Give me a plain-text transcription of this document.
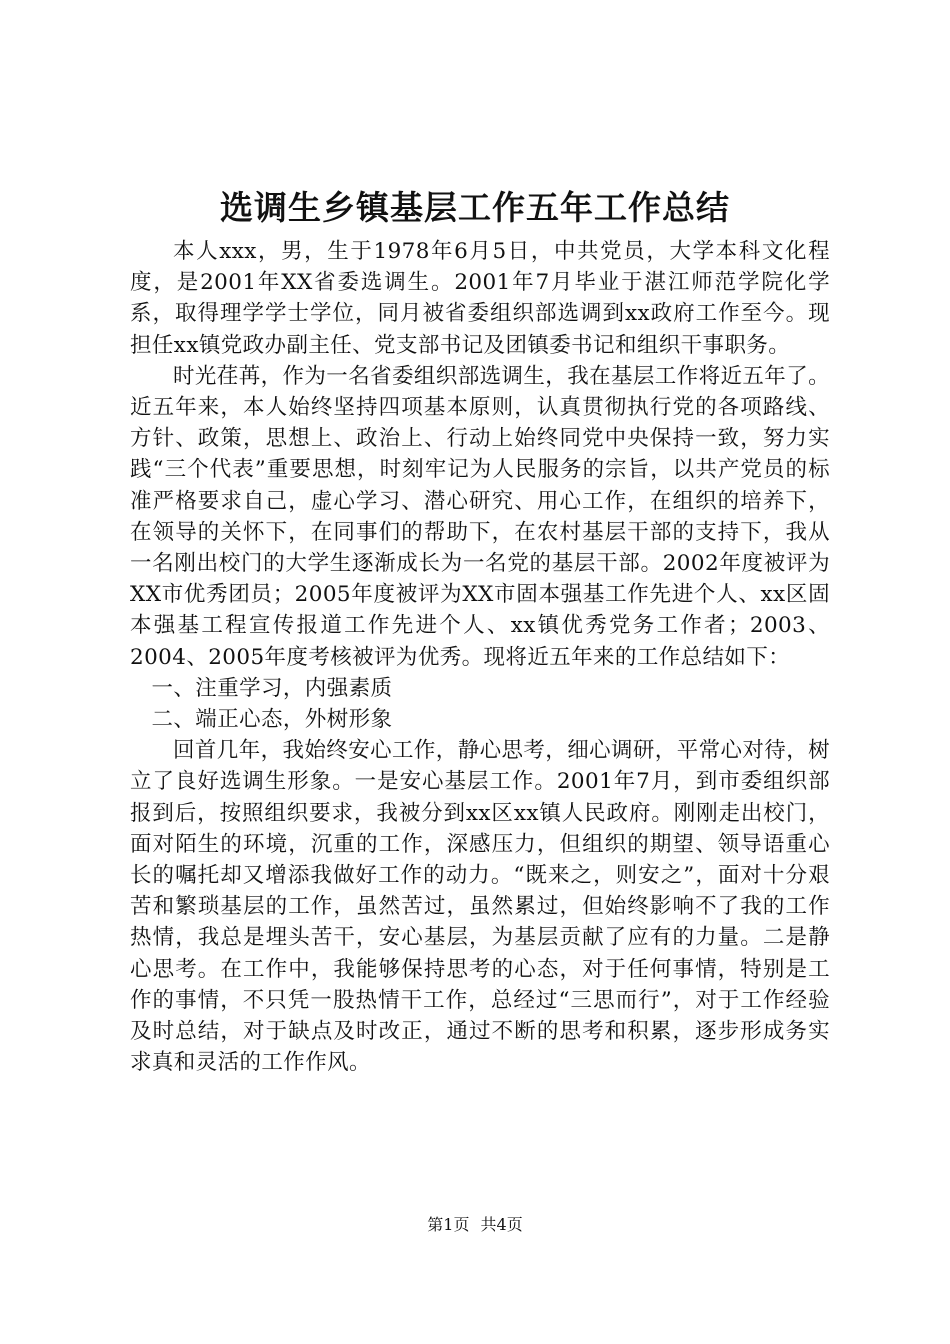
选调生乡镇基层工作五年工作总结

本人xxx，男，生于1978年6月5日，中共党员，大学本科文化程度，是2001年XX省委选调生。2001年7月毕业于湛江师范学院化学系，取得理学学士学位，同月被省委组织部选调到xx政府工作至今。现担任xx镇党政办副主任、党支部书记及团镇委书记和组织干事职务。

时光荏苒，作为一名省委组织部选调生，我在基层工作将近五年了。近五年来，本人始终坚持四项基本原则，认真贯彻执行党的各项路线、方针、政策，思想上、政治上、行动上始终同党中央保持一致，努力实践“三个代表”重要思想，时刻牢记为人民服务的宗旨，以共产党员的标准严格要求自己，虚心学习、潜心研究、用心工作，在组织的培养下，在领导的关怀下，在同事们的帮助下，在农村基层干部的支持下，我从一名刚出校门的大学生逐渐成长为一名党的基层干部。2002年度被评为XX市优秀团员；2005年度被评为XX市固本强基工作先进个人、xx区固本强基工程宣传报道工作先进个人、xx镇优秀党务工作者；2003、2004、2005年度考核被评为优秀。现将近五年来的工作总结如下：

一、注重学习，内强素质

二、端正心态，外树形象

回首几年，我始终安心工作，静心思考，细心调研，平常心对待，树立了良好选调生形象。一是安心基层工作。2001年7月，到市委组织部报到后，按照组织要求，我被分到xx区xx镇人民政府。刚刚走出校门，面对陌生的环境，沉重的工作，深感压力，但组织的期望、领导语重心长的嘱托却又增添我做好工作的动力。“既来之，则安之”，面对十分艰苦和繁琐基层的工作，虽然苦过，虽然累过，但始终影响不了我的工作热情，我总是埋头苦干，安心基层，为基层贡献了应有的力量。二是静心思考。在工作中，我能够保持思考的心态，对于任何事情，特别是工作的事情，不只凭一股热情干工作，总经过“三思而行”，对于工作经验及时总结，对于缺点及时改正，通过不断的思考和积累，逐步形成务实求真和灵活的工作作风。

第1页 共4页
